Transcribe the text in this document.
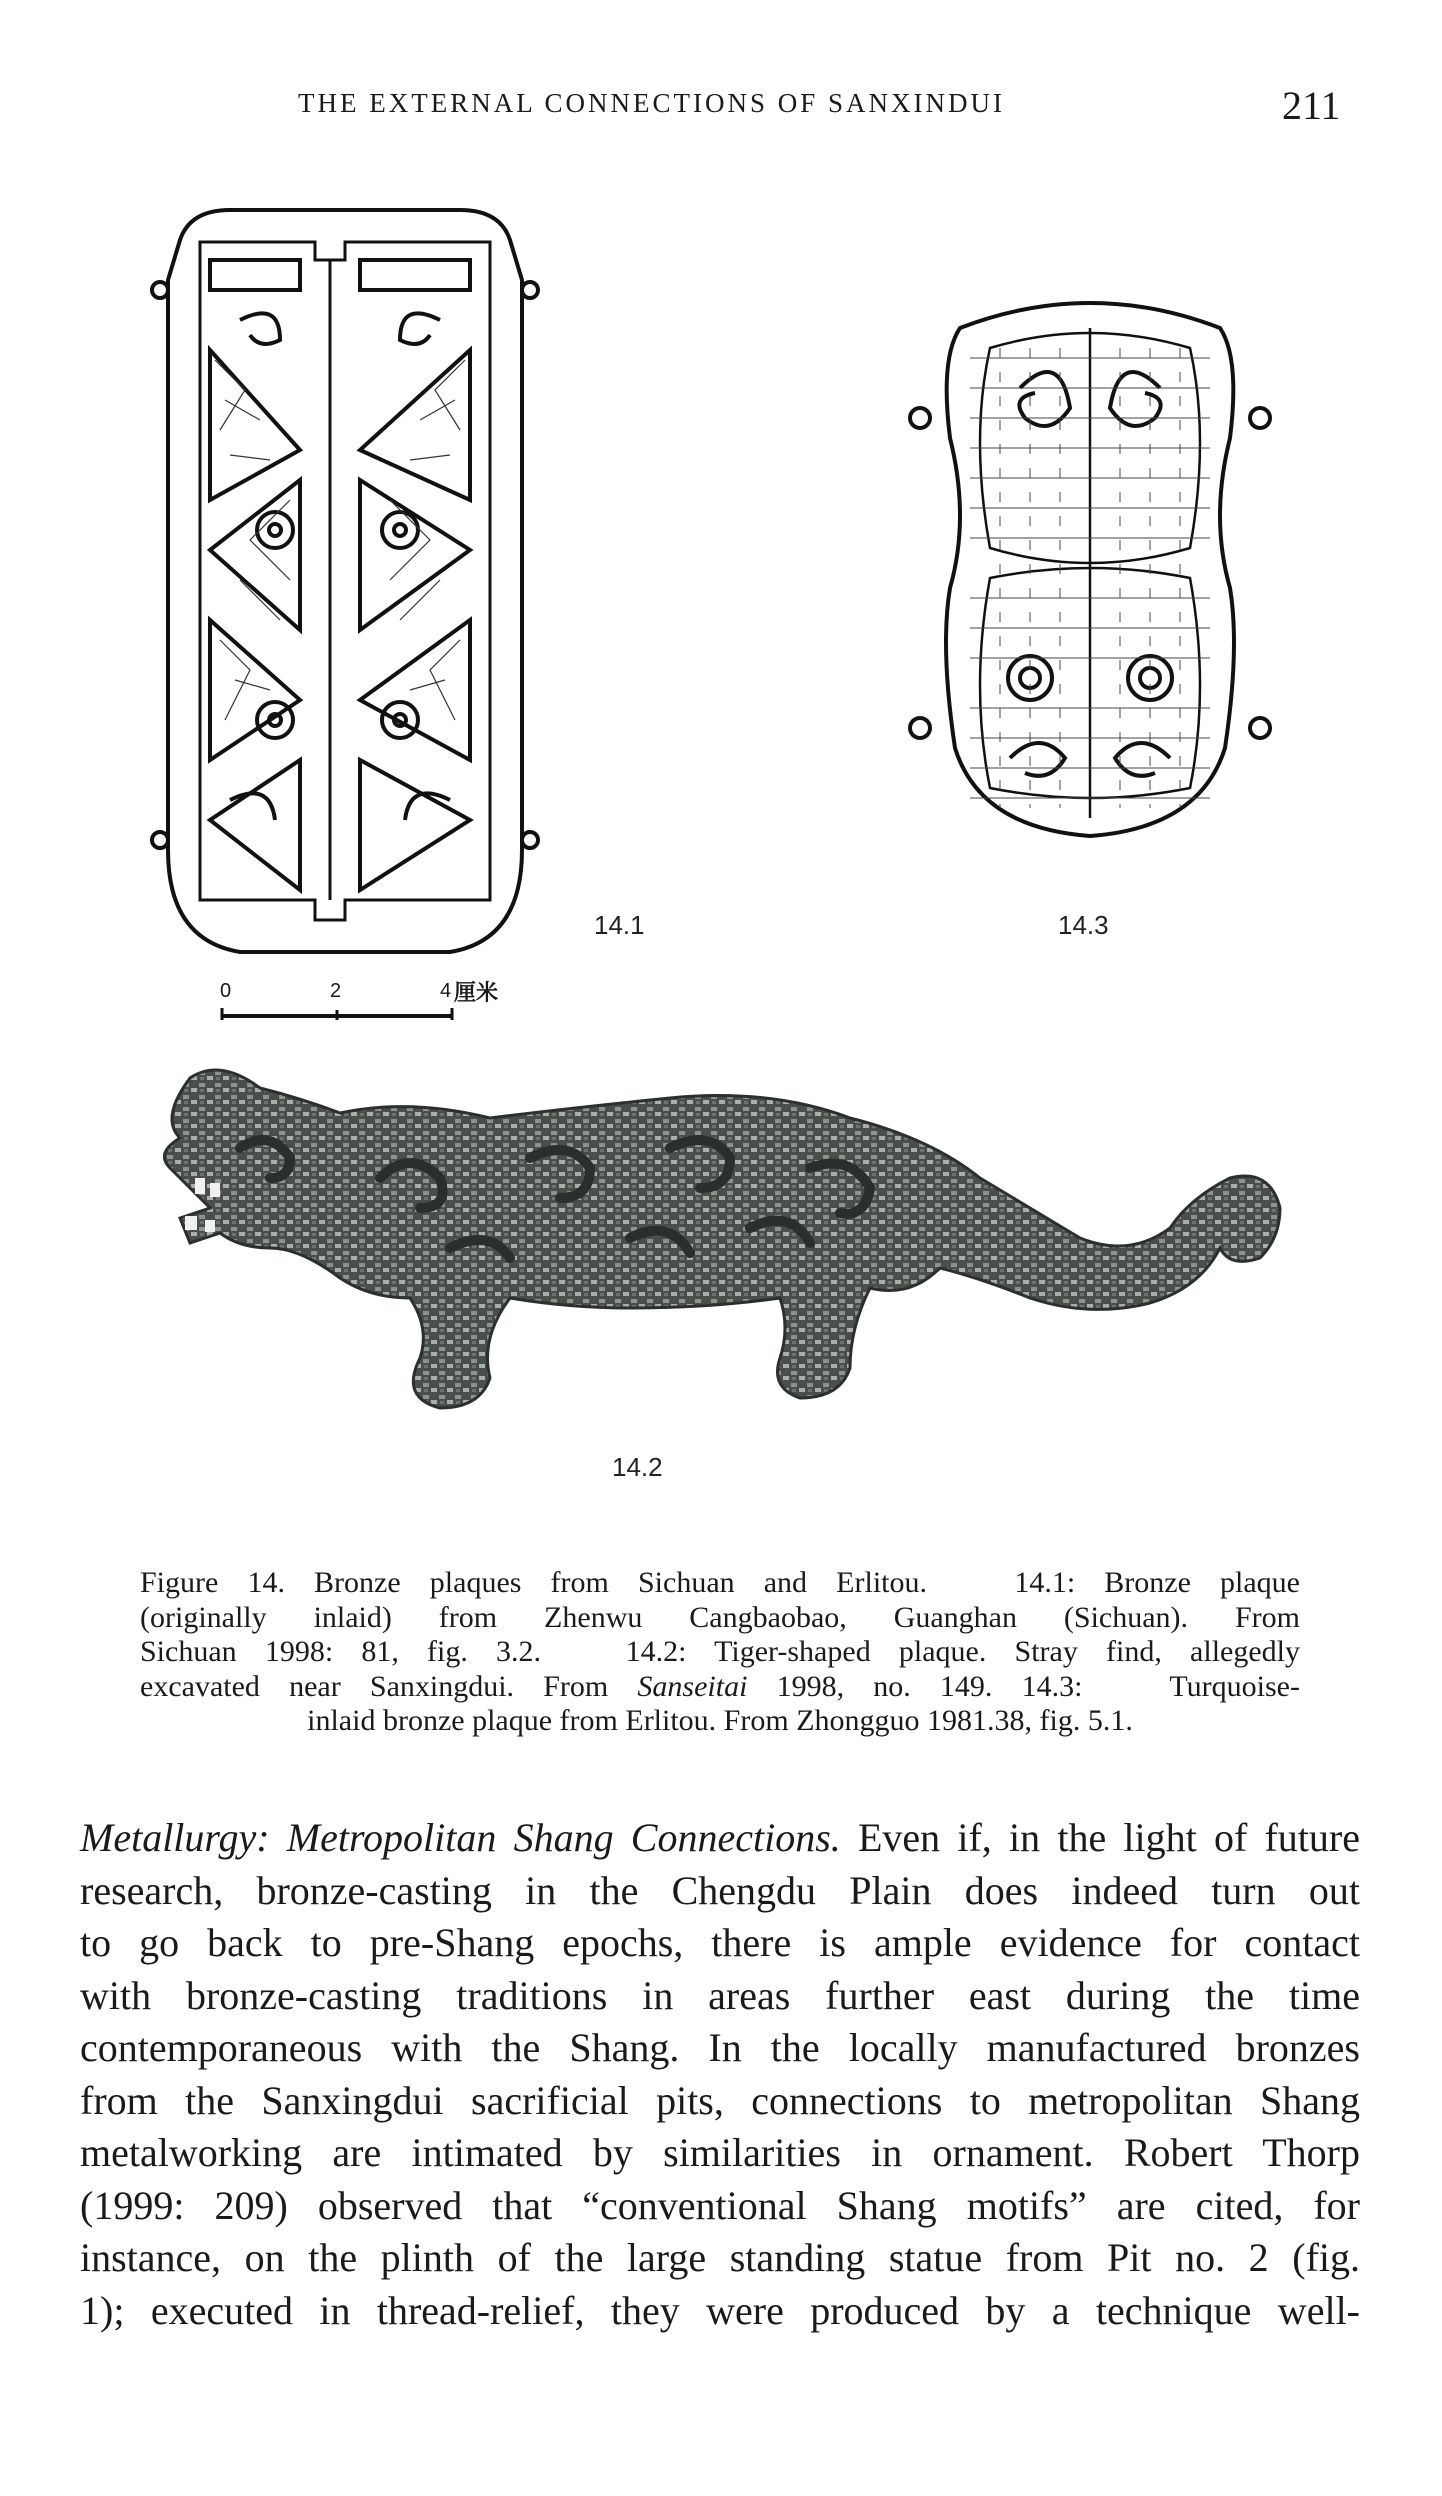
THE EXTERNAL CONNECTIONS OF SANXINDUI	211
14.1
0	2	4 厘米
14.3
14.2
Figure 14. Bronze plaques from Sichuan and Erlitou.   14.1: Bronze plaque
(originally inlaid) from Zhenwu Cangbaobao, Guanghan (Sichuan). From
Sichuan 1998: 81, fig. 3.2.   14.2: Tiger-shaped plaque. Stray find, allegedly
excavated near Sanxingdui. From Sanseitai 1998, no. 149. 14.3:   Turquoise-
inlaid bronze plaque from Erlitou. From Zhongguo 1981.38, fig. 5.1.
Metallurgy: Metropolitan Shang Connections. Even if, in the light of future
research, bronze-casting in the Chengdu Plain does indeed turn out
to go back to pre-Shang epochs, there is ample evidence for contact
with bronze-casting traditions in areas further east during the time
contemporaneous with the Shang. In the locally manufactured bronzes
from the Sanxingdui sacrificial pits, connections to metropolitan Shang
metalworking are intimated by similarities in ornament. Robert Thorp
(1999: 209) observed that “conventional Shang motifs” are cited, for
instance, on the plinth of the large standing statue from Pit no. 2 (fig.
1); executed in thread-relief, they were produced by a technique well-
